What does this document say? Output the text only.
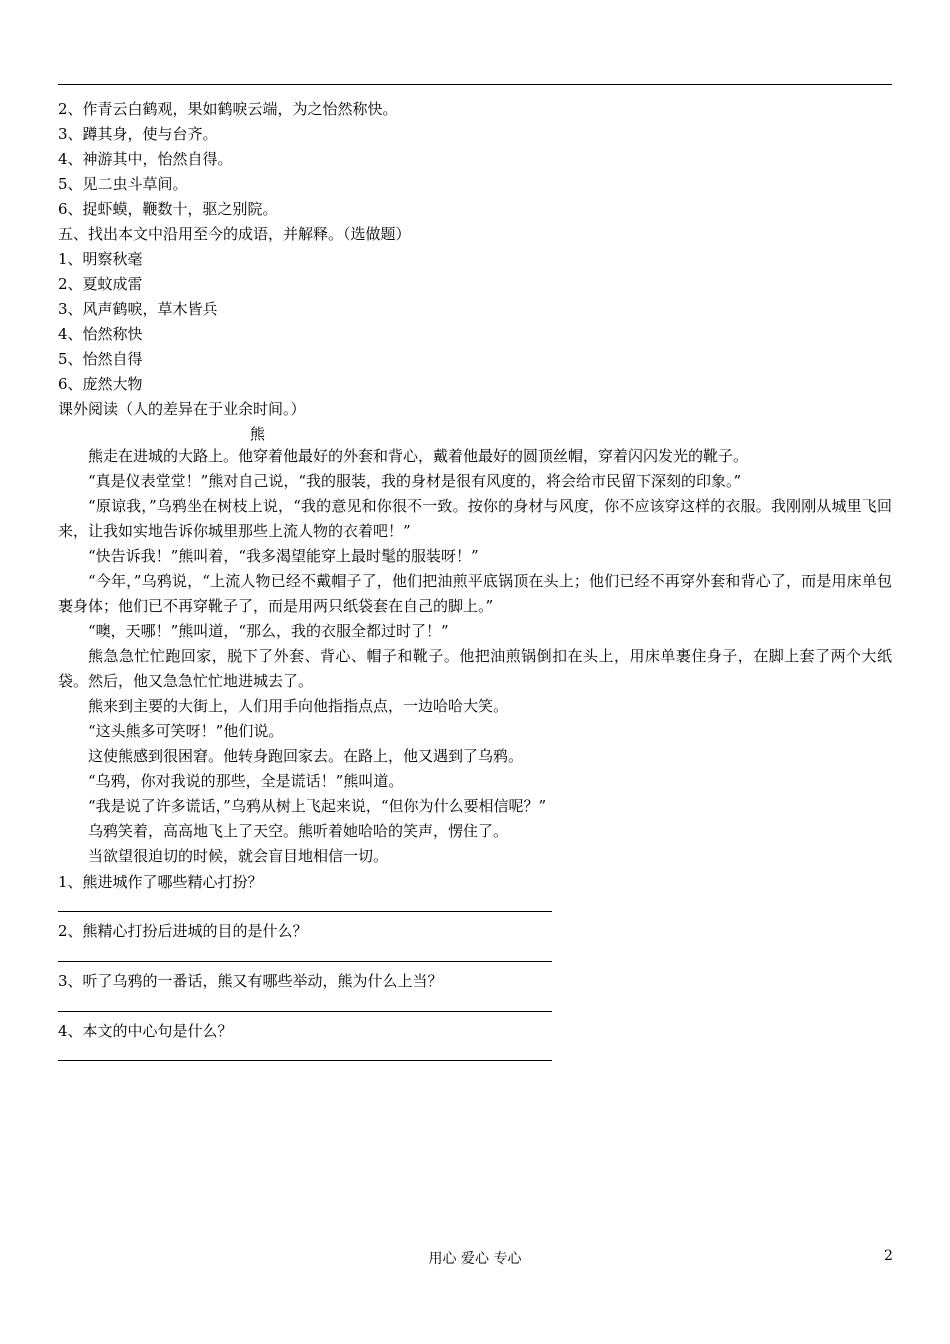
2、作青云白鹤观，果如鹤唳云端，为之怡然称快。
3、蹲其身，使与台齐。
4、神游其中，怡然自得。
5、见二虫斗草间。
6、捉虾蟆，鞭数十，驱之别院。
五、找出本文中沿用至今的成语，并解释。（选做题）
1、明察秋毫
2、夏蚊成雷
3、风声鹤唳，草木皆兵
4、怡然称快
5、怡然自得
6、庞然大物
课外阅读（人的差异在于业余时间。）
熊
熊走在进城的大路上。他穿着他最好的外套和背心，戴着他最好的圆顶丝帽，穿着闪闪发光的靴子。
“真是仪表堂堂！”熊对自己说，“我的服装，我的身材是很有风度的，将会给市民留下深刻的印象。”
“原谅我，”乌鸦坐在树枝上说，“我的意见和你很不一致。按你的身材与风度，你不应该穿这样的衣服。我刚刚从城里飞回来，让我如实地告诉你城里那些上流人物的衣着吧！”
“快告诉我！”熊叫着，“我多渴望能穿上最时髦的服装呀！”
“今年，”乌鸦说，“上流人物已经不戴帽子了，他们把油煎平底锅顶在头上；他们已经不再穿外套和背心了，而是用床单包裹身体；他们已不再穿靴子了，而是用两只纸袋套在自己的脚上。”
“噢，天哪！”熊叫道，“那么，我的衣服全都过时了！”
熊急急忙忙跑回家，脱下了外套、背心、帽子和靴子。他把油煎锅倒扣在头上，用床单裹住身子，在脚上套了两个大纸袋。然后，他又急急忙忙地进城去了。
熊来到主要的大街上，人们用手向他指指点点，一边哈哈大笑。
“这头熊多可笑呀！”他们说。
这使熊感到很困窘。他转身跑回家去。在路上，他又遇到了乌鸦。
“乌鸦，你对我说的那些，全是谎话！”熊叫道。
“我是说了许多谎话，”乌鸦从树上飞起来说，“但你为什么要相信呢？”
乌鸦笑着，高高地飞上了天空。熊听着她哈哈的笑声，愣住了。
当欲望很迫切的时候，就会盲目地相信一切。
1、熊进城作了哪些精心打扮？
2、熊精心打扮后进城的目的是什么？
3、听了乌鸦的一番话，熊又有哪些举动，熊为什么上当？
4、本文的中心句是什么？
用心 爱心 专心	2
